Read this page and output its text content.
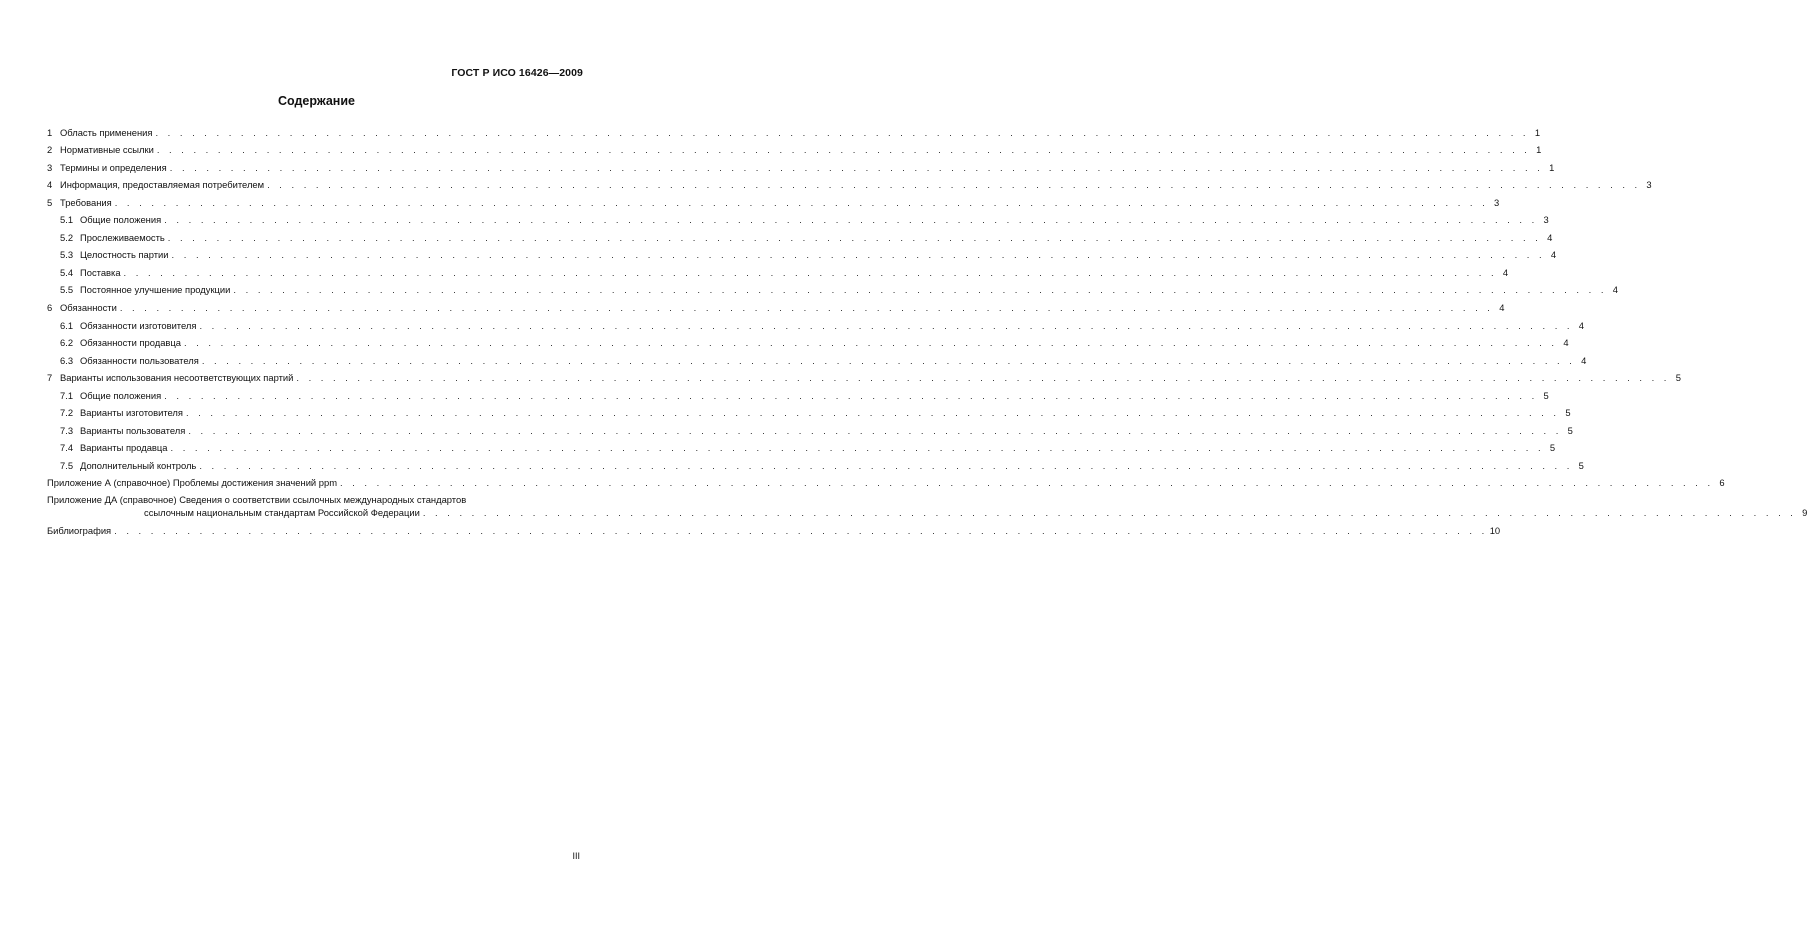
ГОСТ Р ИСО 16426—2009
Содержание
1 Область применения . . .	1
2 Нормативные ссылки . . .	1
3 Термины и определения . . .	1
4 Информация, предоставляемая потребителем . . .	3
5 Требования . . .	3
5.1 Общие положения . . .	3
5.2 Прослеживаемость . . .	4
5.3 Целостность партии . . .	4
5.4 Поставка . . .	4
5.5 Постоянное улучшение продукции . . .	4
6 Обязанности . . .	4
6.1 Обязанности изготовителя . . .	4
6.2 Обязанности продавца . . .	4
6.3 Обязанности пользователя . . .	4
7 Варианты использования несоответствующих партий . . .	5
7.1 Общие положения . . .	5
7.2 Варианты изготовителя . . .	5
7.3 Варианты пользователя . . .	5
7.4 Варианты продавца . . .	5
7.5 Дополнительный контроль . . .	5
Приложение А (справочное) Проблемы достижения значений ppm . . .	6
Приложение ДА (справочное) Сведения о соответствии ссылочных международных стандартов
ссылочным национальным стандартам Российской Федерации . . .	9
Библиография . . .	10
III
